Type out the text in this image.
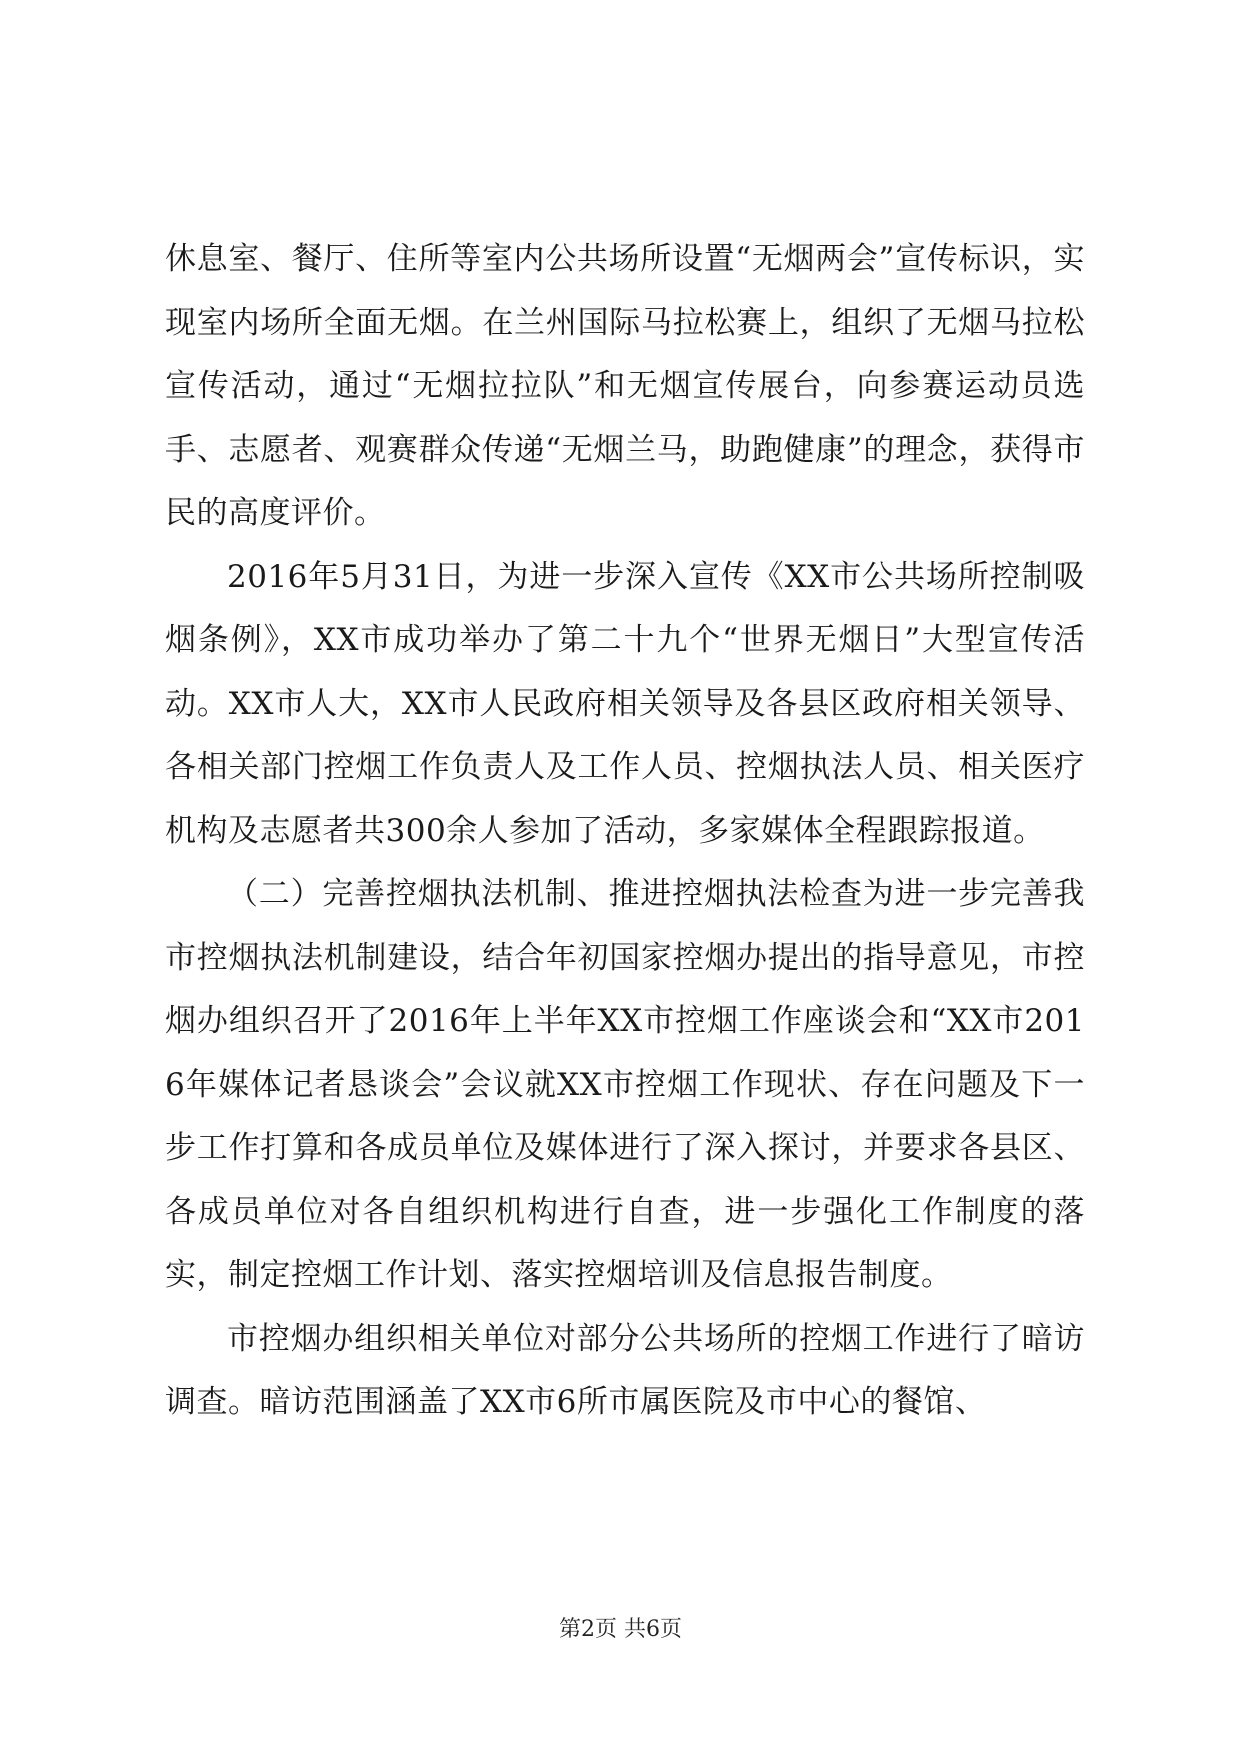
休息室、餐厅、住所等室内公共场所设置“无烟两会”宣传标识，实现室内场所全面无烟。在兰州国际马拉松赛上，组织了无烟马拉松宣传活动，通过“无烟拉拉队”和无烟宣传展台，向参赛运动员选手、志愿者、观赛群众传递“无烟兰马，助跑健康”的理念，获得市民的高度评价。

2016年5月31日，为进一步深入宣传《XX市公共场所控制吸烟条例》，XX市成功举办了第二十九个“世界无烟日”大型宣传活动。XX市人大，XX市人民政府相关领导及各县区政府相关领导、各相关部门控烟工作负责人及工作人员、控烟执法人员、相关医疗机构及志愿者共300余人参加了活动，多家媒体全程跟踪报道。

（二）完善控烟执法机制、推进控烟执法检查为进一步完善我市控烟执法机制建设，结合年初国家控烟办提出的指导意见，市控烟办组织召开了2016年上半年XX市控烟工作座谈会和“XX市2016年媒体记者恳谈会”会议就XX市控烟工作现状、存在问题及下一步工作打算和各成员单位及媒体进行了深入探讨，并要求各县区、各成员单位对各自组织机构进行自查，进一步强化工作制度的落实，制定控烟工作计划、落实控烟培训及信息报告制度。

市控烟办组织相关单位对部分公共场所的控烟工作进行了暗访调查。暗访范围涵盖了XX市6所市属医院及市中心的餐馆、

第2页 共6页
